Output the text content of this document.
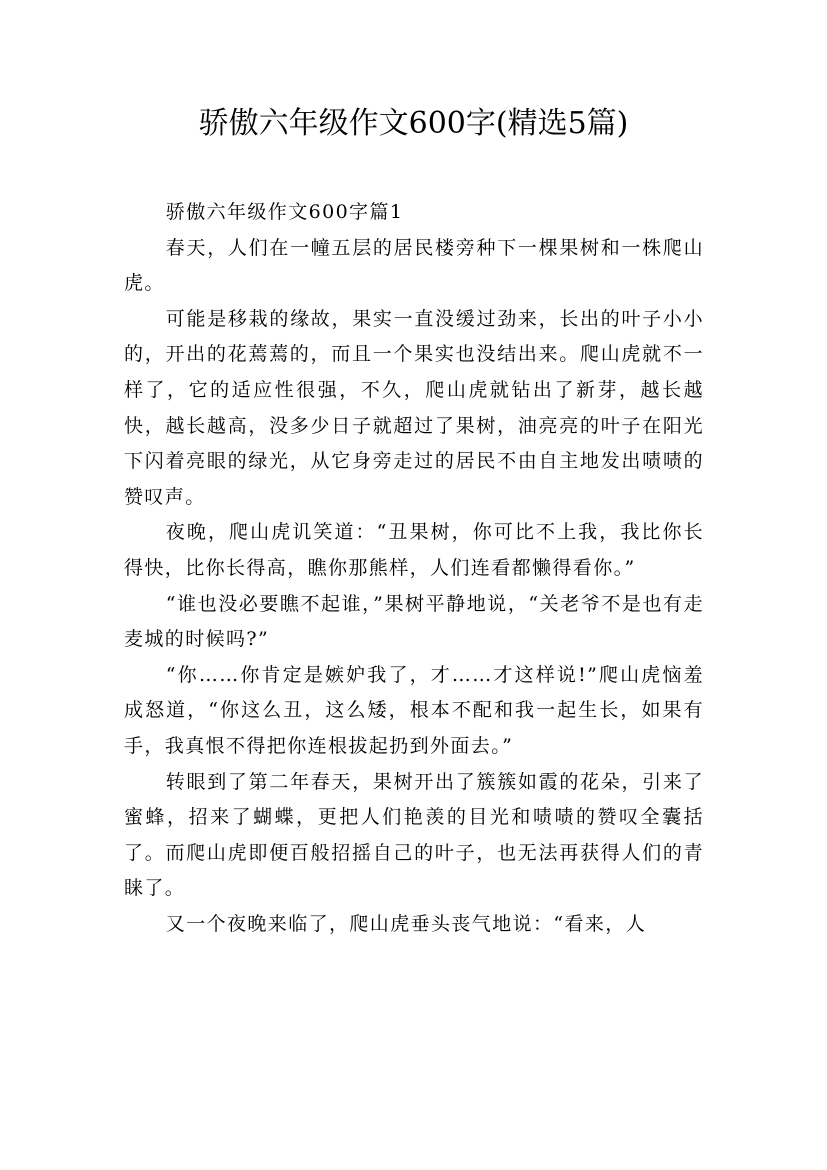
骄傲六年级作文600字(精选5篇)

骄傲六年级作文600字篇1

春天，人们在一幢五层的居民楼旁种下一棵果树和一株爬山虎。

可能是移栽的缘故，果实一直没缓过劲来，长出的叶子小小的，开出的花蔫蔫的，而且一个果实也没结出来。爬山虎就不一样了，它的适应性很强，不久，爬山虎就钻出了新芽，越长越快，越长越高，没多少日子就超过了果树，油亮亮的叶子在阳光下闪着亮眼的绿光，从它身旁走过的居民不由自主地发出啧啧的赞叹声。

夜晚，爬山虎讥笑道：“丑果树，你可比不上我，我比你长得快，比你长得高，瞧你那熊样，人们连看都懒得看你。”

“谁也没必要瞧不起谁，”果树平静地说，“关老爷不是也有走麦城的时候吗?”

“你……你肯定是嫉妒我了，才……才这样说!”爬山虎恼羞成怒道，“你这么丑，这么矮，根本不配和我一起生长，如果有手，我真恨不得把你连根拔起扔到外面去。”

转眼到了第二年春天，果树开出了簇簇如霞的花朵，引来了蜜蜂，招来了蝴蝶，更把人们艳羡的目光和啧啧的赞叹全囊括了。而爬山虎即便百般招摇自己的叶子，也无法再获得人们的青睐了。

又一个夜晚来临了，爬山虎垂头丧气地说：“看来，人
